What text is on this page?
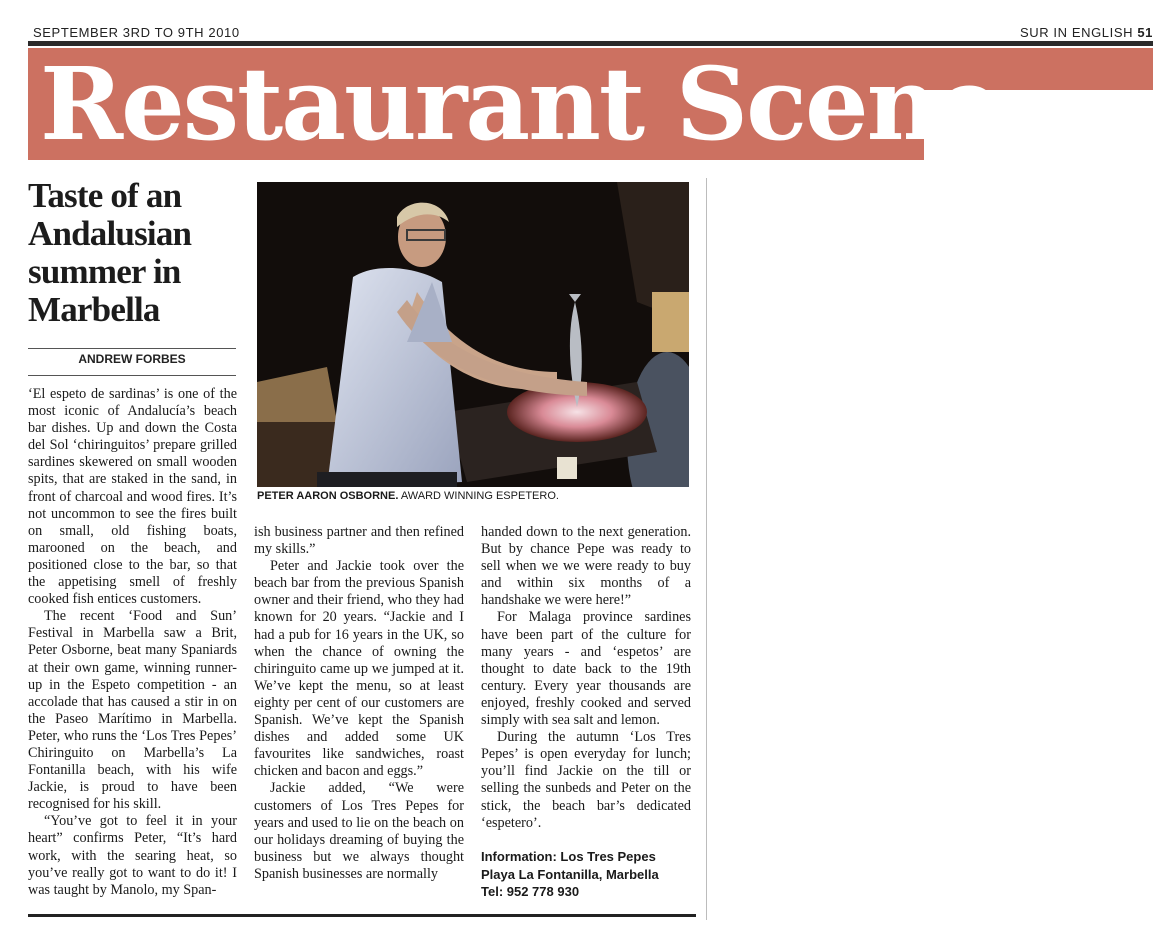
SEPTEMBER 3RD TO 9TH 2010	SUR IN ENGLISH 51
Restaurant Scene
Taste of an Andalusian summer in Marbella
ANDREW FORBES

‘El espeto de sardinas’ is one of the most iconic of Andalucía’s beach bar dishes. Up and down the Costa del Sol ‘chiringuitos’ prepare grilled sardines skewered on small wooden spits, that are staked in the sand, in front of charcoal and wood fires. It’s not uncommon to see the fires built on small, old fishing boats, marooned on the beach, and positioned close to the bar, so that the appetising smell of freshly cooked fish entices customers.

The recent ‘Food and Sun’ Festival in Marbella saw a Brit, Peter Osborne, beat many Spaniards at their own game, winning runner-up in the Espeto competition - an accolade that has caused a stir in on the Paseo Marítimo in Marbella. Peter, who runs the ‘Los Tres Pepes’ Chiringuito on Marbella’s La Fontanilla beach, with his wife Jackie, is proud to have been recognised for his skill.

“You’ve got to feel it in your heart” confirms Peter, “It’s hard work, with the searing heat, so you’ve really got to want to do it! I was taught by Manolo, my Span-

PETER AARON OSBORNE. AWARD WINNING ESPETERO.

ish business partner and then refined my skills.”

Peter and Jackie took over the beach bar from the previous Spanish owner and their friend, who they had known for 20 years. “Jackie and I had a pub for 16 years in the UK, so when the chance of owning the chiringuito came up we jumped at it. We’ve kept the menu, so at least eighty per cent of our customers are Spanish. We’ve kept the Spanish dishes and added some UK favourites like sandwiches, roast chicken and bacon and eggs.”

Jackie added, “We were customers of Los Tres Pepes for years and used to lie on the beach on our holidays dreaming of buying the business but we always thought Spanish businesses are normally

handed down to the next generation. But by chance Pepe was ready to sell when we we were ready to buy and within six months of a handshake we were here!”

For Malaga province sardines have been part of the culture for many years - and ‘espetos’ are thought to date back to the 19th century. Every year thousands are enjoyed, freshly cooked and served simply with sea salt and lemon.

During the autumn ‘Los Tres Pepes’ is open everyday for lunch; you’ll find Jackie on the till or selling the sunbeds and Peter on the stick, the beach bar’s dedicated ‘espetero’.

Information: Los Tres Pepes
Playa La Fontanilla, Marbella
Tel: 952 778 930
